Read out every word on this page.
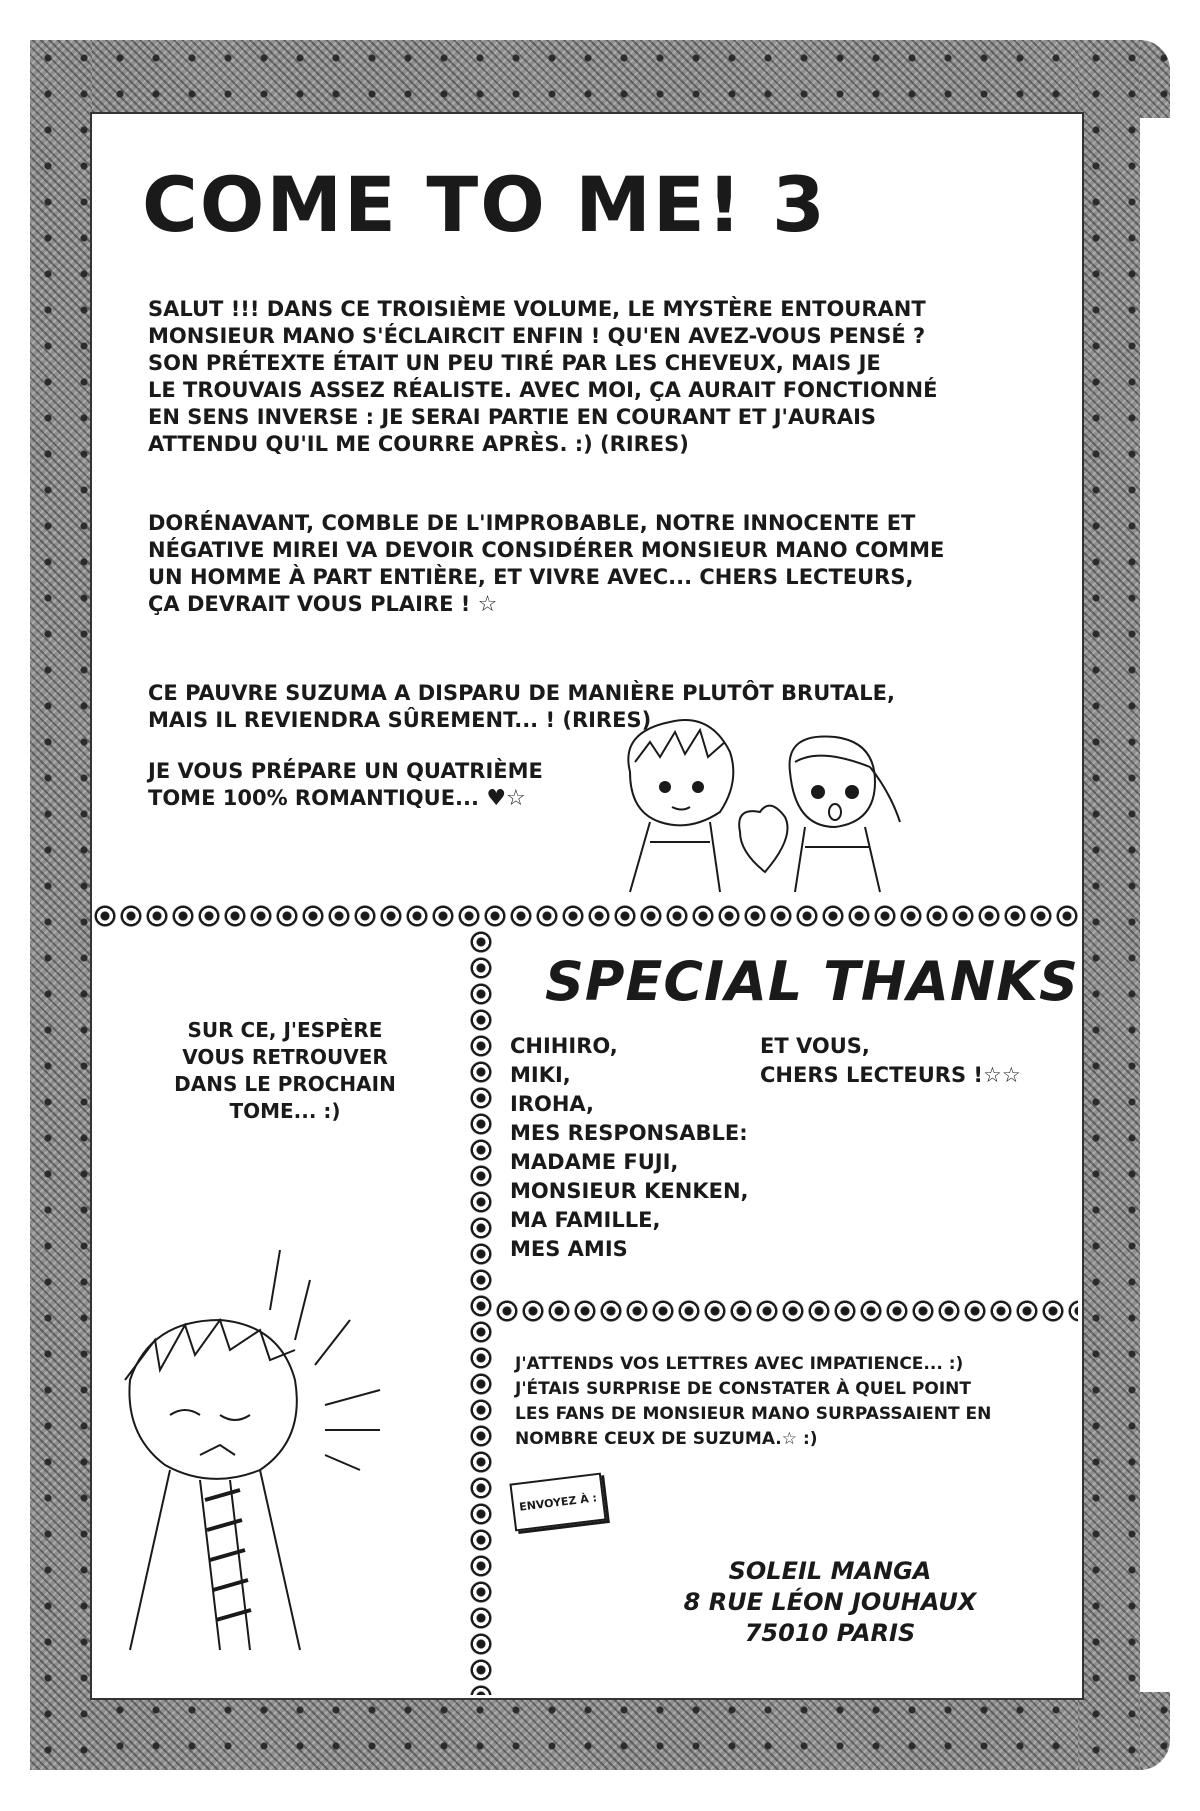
COME TO ME! 3

SALUT !!! DANS CE TROISIÈME VOLUME, LE MYSTÈRE ENTOURANT
MONSIEUR MANO S'ÉCLAIRCIT ENFIN ! QU'EN AVEZ-VOUS PENSÉ ?
SON PRÉTEXTE ÉTAIT UN PEU TIRÉ PAR LES CHEVEUX, MAIS JE
LE TROUVAIS ASSEZ RÉALISTE. AVEC MOI, ÇA AURAIT FONCTIONNÉ
EN SENS INVERSE : JE SERAI PARTIE EN COURANT ET J'AURAIS
ATTENDU QU'IL ME COURRE APRÈS. :) (RIRES)

DORÉNAVANT, COMBLE DE L'IMPROBABLE, NOTRE INNOCENTE ET
NÉGATIVE MIREI VA DEVOIR CONSIDÉRER MONSIEUR MANO COMME
UN HOMME À PART ENTIÈRE, ET VIVRE AVEC... CHERS LECTEURS,
ÇA DEVRAIT VOUS PLAIRE ! ☆

CE PAUVRE SUZUMA A DISPARU DE MANIÈRE PLUTÔT BRUTALE,
MAIS IL REVIENDRA SÛREMENT... ! (RIRES)

JE VOUS PRÉPARE UN QUATRIÈME
TOME 100% ROMANTIQUE... ♥☆

SUR CE, J'ESPÈRE
VOUS RETROUVER
DANS LE PROCHAIN
TOME... :)

SPECIAL THANKS
CHIHIRO,
MIKI,
IROHA,
MES RESPONSABLE:
MADAME FUJI,
MONSIEUR KENKEN,
MA FAMILLE,
MES AMIS
ET VOUS,
CHERS LECTEURS !☆☆

J'ATTENDS VOS LETTRES AVEC IMPATIENCE... :)
J'ÉTAIS SURPRISE DE CONSTATER À QUEL POINT
LES FANS DE MONSIEUR MANO SURPASSAIENT EN
NOMBRE CEUX DE SUZUMA.☆ :)

ENVOYEZ À :
SOLEIL MANGA
8 RUE LÉON JOUHAUX
75010 PARIS
